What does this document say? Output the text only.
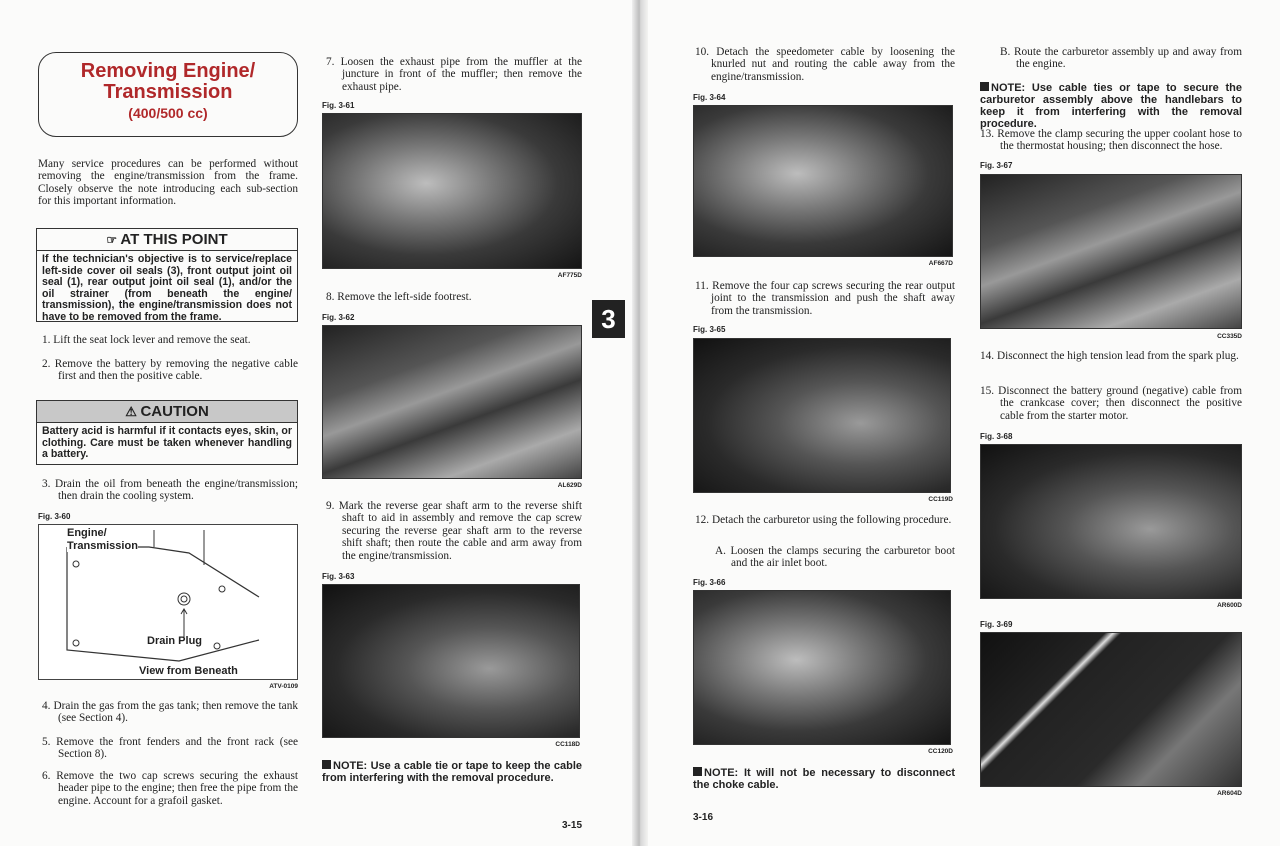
Removing Engine/
Transmission
(400/500 cc)
Many service procedures can be performed without removing the engine/transmission from the frame. Closely observe the note introducing each sub-section for this important information.
☞ AT THIS POINT
If the technician's objective is to service/replace left-side cover oil seals (3), front output joint oil seal (1), rear output joint oil seal (1), and/or the oil strainer (from beneath the engine/ transmission), the engine/transmission does not have to be removed from the frame.
1. Lift the seat lock lever and remove the seat.
2. Remove the battery by removing the negative cable first and then the positive cable.
⚠ CAUTION
Battery acid is harmful if it contacts eyes, skin, or clothing. Care must be taken whenever handling a battery.
3. Drain the oil from beneath the engine/transmission; then drain the cooling system.
Fig. 3-60
Engine/
Transmission
Drain Plug
View from Beneath
ATV-0109
4. Drain the gas from the gas tank; then remove the tank (see Section 4).
5. Remove the front fenders and the front rack (see Section 8).
6. Remove the two cap screws securing the exhaust header pipe to the engine; then free the pipe from the engine. Account for a grafoil gasket.
7. Loosen the exhaust pipe from the muffler at the juncture in front of the muffler; then remove the exhaust pipe.
Fig. 3-61
AF775D
8. Remove the left-side footrest.
Fig. 3-62
AL629D
9. Mark the reverse gear shaft arm to the reverse shift shaft to aid in assembly and remove the cap screw securing the reverse gear shaft arm to the reverse shift shaft; then route the cable and arm away from the engine/transmission.
Fig. 3-63
CC118D
NOTE: Use a cable tie or tape to keep the cable from interfering with the removal procedure.
3
3-15
10. Detach the speedometer cable by loosening the knurled nut and routing the cable away from the engine/transmission.
Fig. 3-64
AF667D
11. Remove the four cap screws securing the rear output joint to the transmission and push the shaft away from the transmission.
Fig. 3-65
CC119D
12. Detach the carburetor using the following procedure.
A. Loosen the clamps securing the carburetor boot and the air inlet boot.
Fig. 3-66
CC120D
NOTE: It will not be necessary to disconnect the choke cable.
3-16
B. Route the carburetor assembly up and away from the engine.
NOTE: Use cable ties or tape to secure the carburetor assembly above the handlebars to keep it from interfering with the removal procedure.
13. Remove the clamp securing the upper coolant hose to the thermostat housing; then disconnect the hose.
Fig. 3-67
CC335D
14. Disconnect the high tension lead from the spark plug.
15. Disconnect the battery ground (negative) cable from the crankcase cover; then disconnect the positive cable from the starter motor.
Fig. 3-68
AR600D
Fig. 3-69
AR604D
